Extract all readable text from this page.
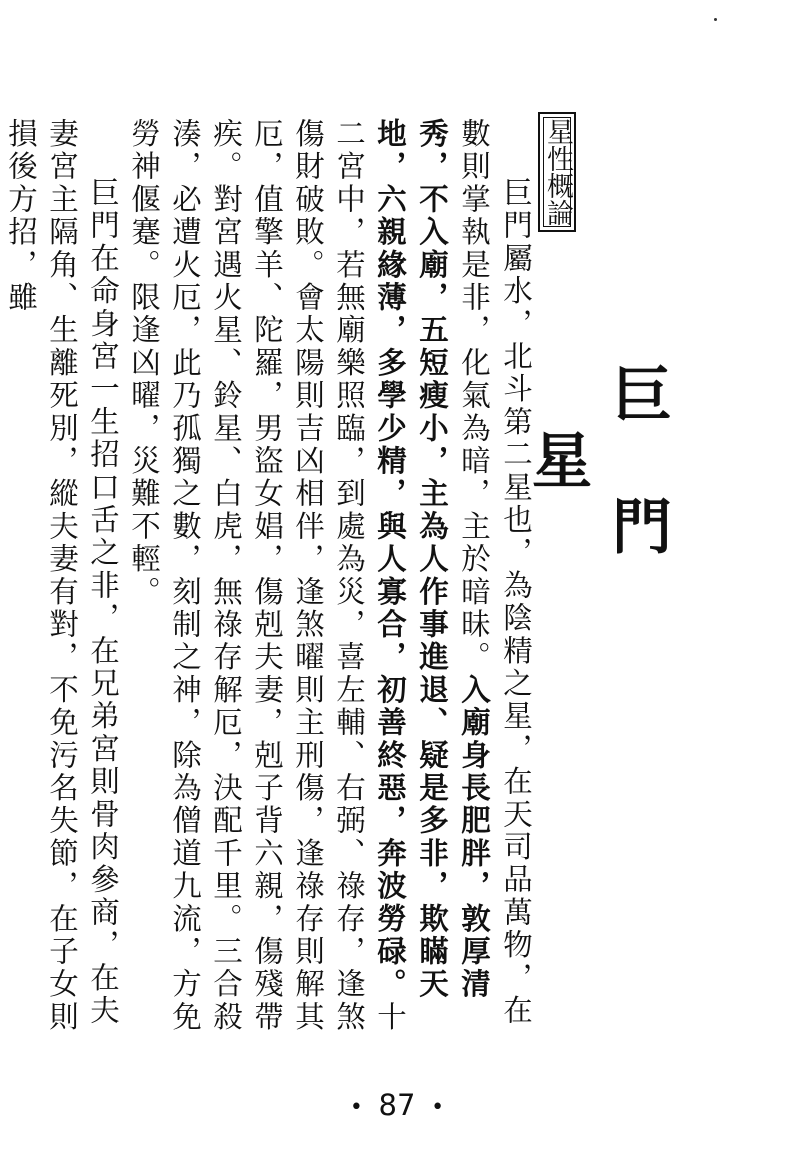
巨門星
星性概論

巨門屬水，北斗第二星也，為陰精之星，在天司品萬物，在數則掌執是非，化氣為暗，主於暗昧。入廟身長肥胖，敦厚清秀，不入廟，五短瘦小，主為人作事進退、疑是多非，欺瞞天地，六親緣薄，多學少精，與人寡合，初善終惡，奔波勞碌。十二宮中，若無廟樂照臨，到處為災，喜左輔、右弼、祿存，逢煞傷財破敗。會太陽則吉凶相伴，逢煞曜則主刑傷，逢祿存則解其厄，值擎羊、陀羅，男盜女娼，傷剋夫妻，剋子背六親，傷殘帶疾。對宮遇火星、鈴星、白虎，無祿存解厄，決配千里。三合殺湊，必遭火厄，此乃孤獨之數，刻制之神，除為僧道九流，方免勞神偃蹇。限逢凶曜，災難不輕。

巨門在命身宮一生招口舌之非，在兄弟宮則骨肉參商，在夫妻宮主隔角、生離死別，縱夫妻有對，不免污名失節，在子女則損後方招，雖

• 87 •
